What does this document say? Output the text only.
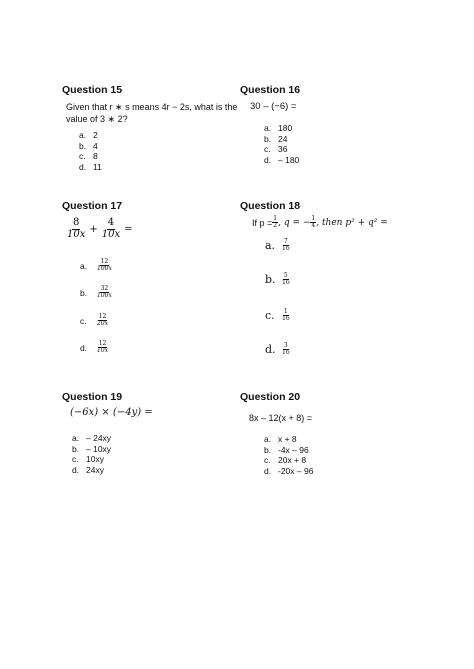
Question 15
Given that r ∗ s means 4r − 2s, what is the
value of 3 ∗ 2?
a. 2
b. 4
c. 8
d. 11
Question 16
30 – (−6) =
a. 180
b. 24
c. 36
d. – 180
Question 17
$\frac{8}{10x} + \frac{4}{10x}$ =
a.	$\frac{12}{100x}$
b.	$\frac{32}{100x}$
c.	$\frac{12}{20x}$
d.	$\frac{12}{10x}$
Question 18
If $p = \frac{1}{2}$ , q = − $\frac{1}{4}$ , then p² + q² =
a. $\frac{7}{16}$
b. $\frac{5}{16}$
c.	$\frac{1}{16}$
d. $\frac{3}{16}$
Question 19
(−6x) × (−4y) =
a. – 24xy
b. – 10xy
c. 10xy
d. 24xy
Question 20
8x – 12(x + 8) =
a. x + 8
b. -4x – 96
c. 20x + 8
d. -20x – 96
